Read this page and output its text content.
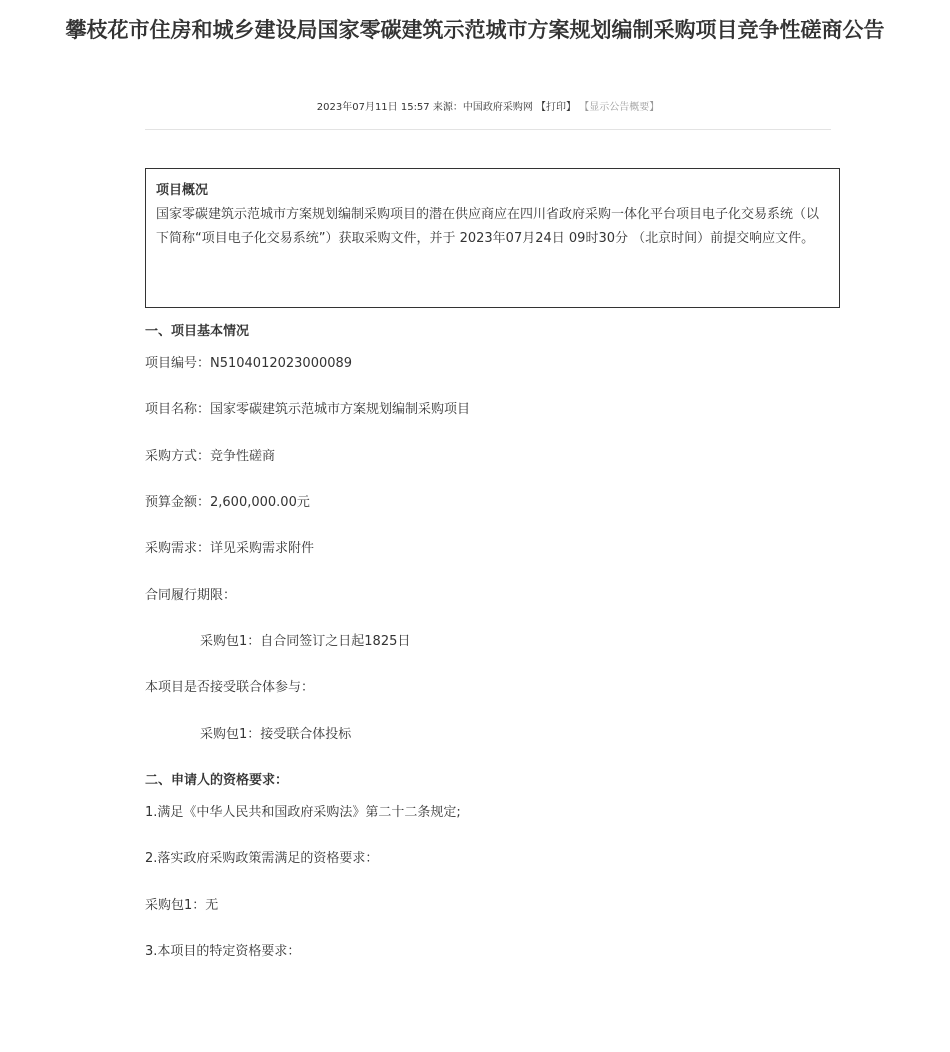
攀枝花市住房和城乡建设局国家零碳建筑示范城市方案规划编制采购项目竞争性磋商公告
2023年07月11日 15:57 来源：中国政府采购网 【打印】 【显示公告概要】
项目概况
国家零碳建筑示范城市方案规划编制采购项目的潜在供应商应在四川省政府采购一体化平台项目电子化交易系统（以下简称“项目电子化交易系统”）获取采购文件，并于 2023年07月24日 09时30分 （北京时间）前提交响应文件。
一、项目基本情况
项目编号：N5104012023000089
项目名称：国家零碳建筑示范城市方案规划编制采购项目
采购方式：竞争性磋商
预算金额：2,600,000.00元
采购需求：详见采购需求附件
合同履行期限：
采购包1：自合同签订之日起1825日
本项目是否接受联合体参与：
采购包1：接受联合体投标
二、申请人的资格要求：
1.满足《中华人民共和国政府采购法》第二十二条规定;
2.落实政府采购政策需满足的资格要求：
采购包1：无
3.本项目的特定资格要求：
